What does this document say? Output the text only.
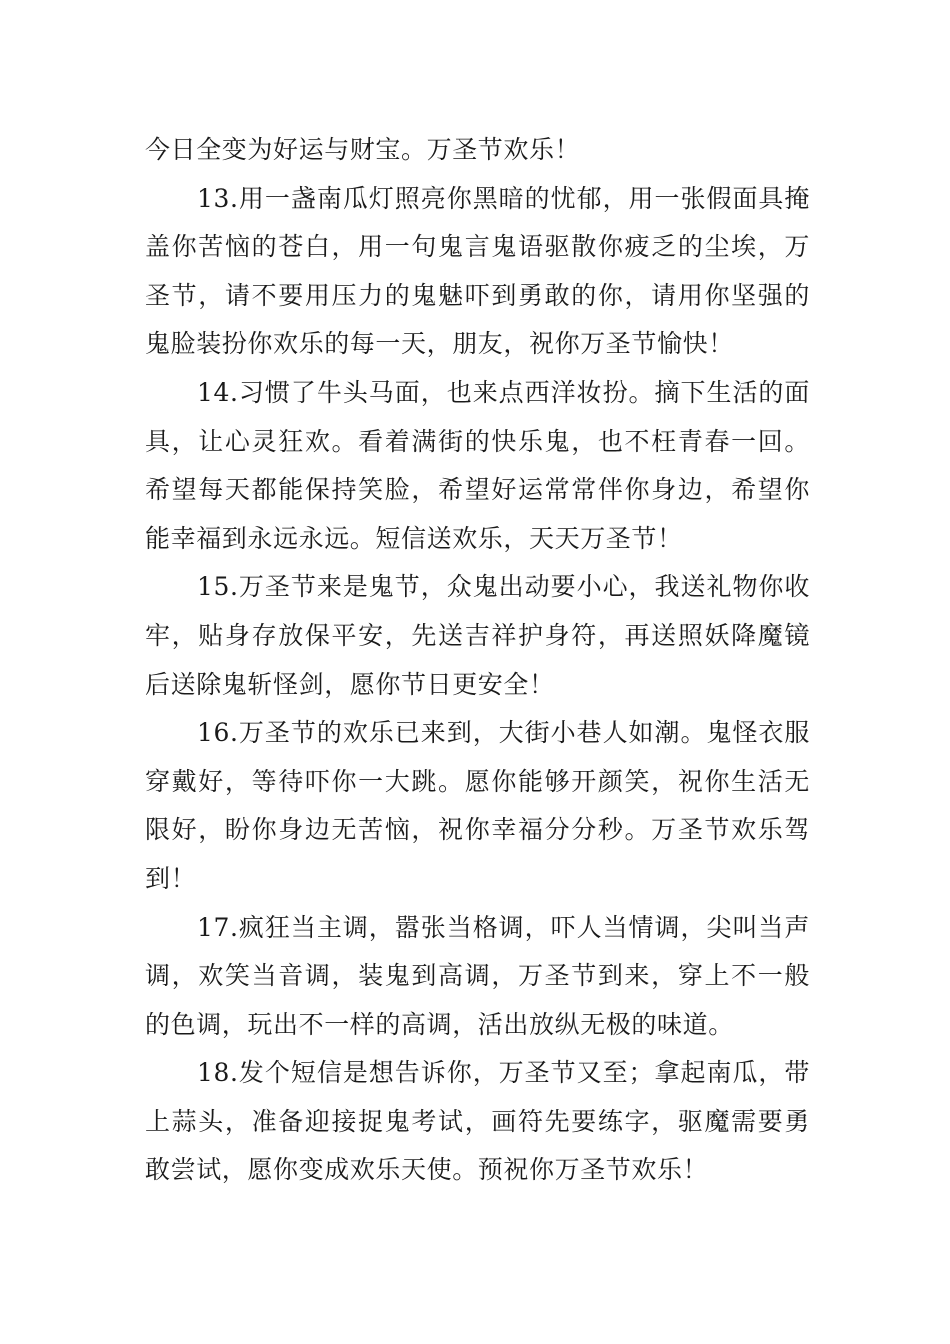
今日全变为好运与财宝。万圣节欢乐！

13.用一盏南瓜灯照亮你黑暗的忧郁，用一张假面具掩盖你苦恼的苍白，用一句鬼言鬼语驱散你疲乏的尘埃，万圣节，请不要用压力的鬼魅吓到勇敢的你，请用你坚强的鬼脸装扮你欢乐的每一天，朋友，祝你万圣节愉快！

14.习惯了牛头马面，也来点西洋妆扮。摘下生活的面具，让心灵狂欢。看着满街的快乐鬼，也不枉青春一回。希望每天都能保持笑脸，希望好运常常伴你身边，希望你能幸福到永远永远。短信送欢乐，天天万圣节！

15.万圣节来是鬼节，众鬼出动要小心，我送礼物你收牢，贴身存放保平安，先送吉祥护身符，再送照妖降魔镜后送除鬼斩怪剑，愿你节日更安全！

16.万圣节的欢乐已来到，大街小巷人如潮。鬼怪衣服穿戴好，等待吓你一大跳。愿你能够开颜笑，祝你生活无限好，盼你身边无苦恼，祝你幸福分分秒。万圣节欢乐驾到！

17.疯狂当主调，嚣张当格调，吓人当情调，尖叫当声调，欢笑当音调，装鬼到高调，万圣节到来，穿上不一般的色调，玩出不一样的高调，活出放纵无极的味道。

18.发个短信是想告诉你，万圣节又至；拿起南瓜，带上蒜头，准备迎接捉鬼考试，画符先要练字，驱魔需要勇敢尝试，愿你变成欢乐天使。预祝你万圣节欢乐！
